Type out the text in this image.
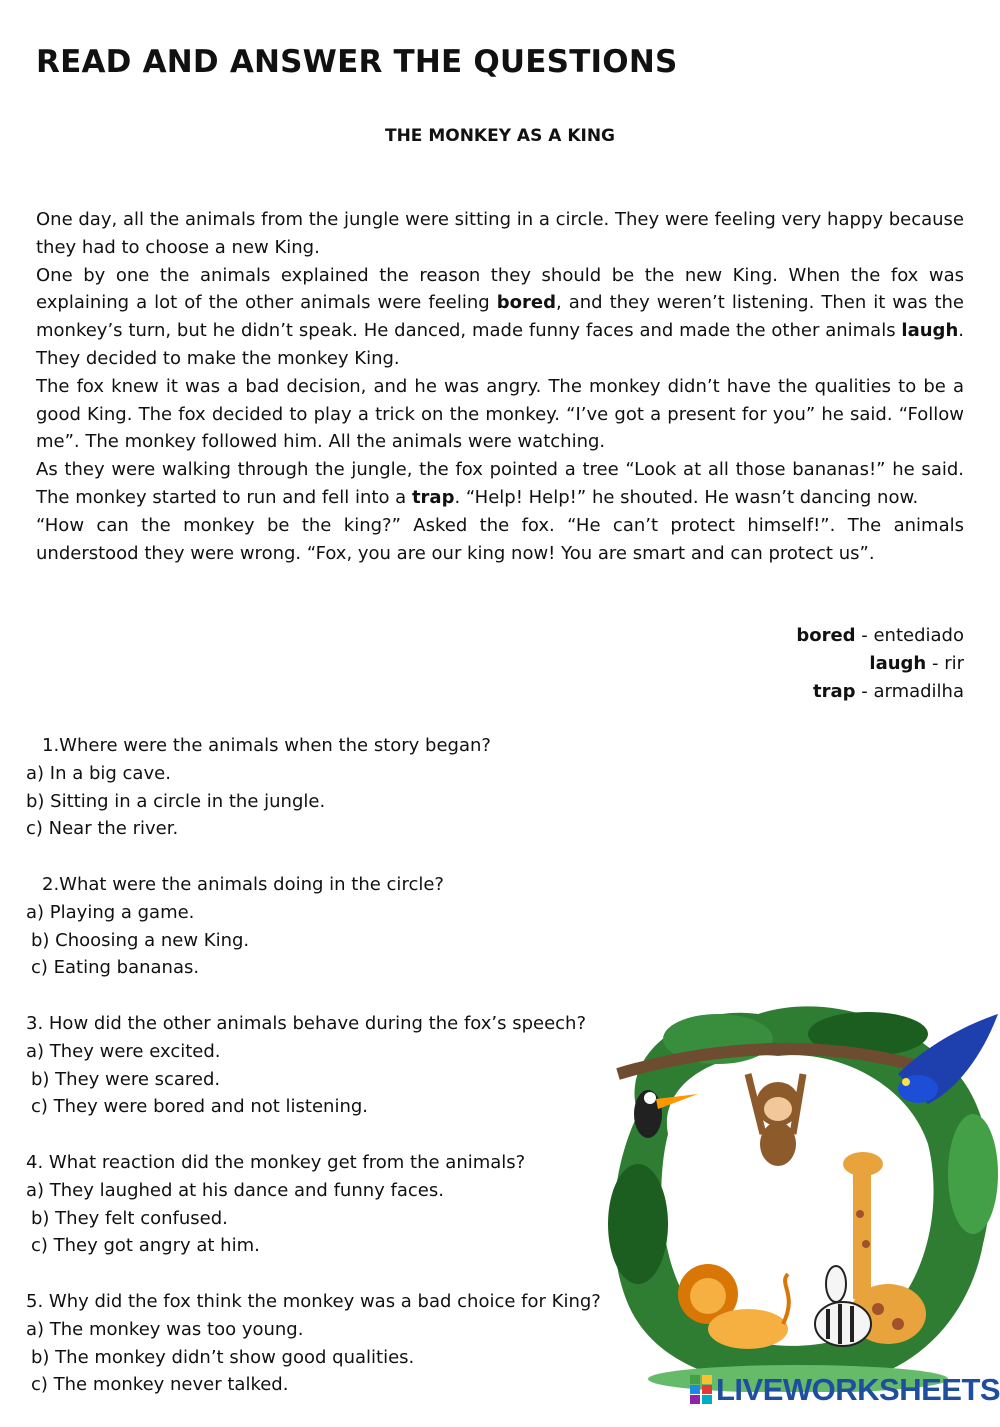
READ AND ANSWER THE QUESTIONS
THE MONKEY AS A KING

One day, all the animals from the jungle were sitting in a circle. They were feeling very happy because they had to choose a new King.

One by one the animals explained the reason they should be the new King. When the fox was explaining a lot of the other animals were feeling bored, and they weren’t listening. Then it was the monkey’s turn, but he didn’t speak. He danced, made funny faces and made the other animals laugh. They decided to make the monkey King.

The fox knew it was a bad decision, and he was angry. The monkey didn’t have the qualities to be a good King. The fox decided to play a trick on the monkey. “I’ve got a present for you” he said. “Follow me”. The monkey followed him. All the animals were watching.

As they were walking through the jungle, the fox pointed a tree “Look at all those bananas!” he said. The monkey started to run and fell into a trap. “Help! Help!” he shouted. He wasn’t dancing now.

“How can the monkey be the king?” Asked the fox. “He can’t protect himself!”. The animals understood they were wrong. “Fox, you are our king now! You are smart and can protect us”.

bored - entediado
laugh - rir
trap - armadilha
1.Where were the animals when the story began?
a) In a big cave.
b) Sitting in a circle in the jungle.
c) Near the river.
2.What were the animals doing in the circle?
a) Playing a game.
b) Choosing a new King.
c) Eating bananas.
3. How did the other animals behave during the fox’s speech?
a) They were excited.
b) They were scared.
c) They were bored and not listening.
4. What reaction did the monkey get from the animals?
a) They laughed at his dance and funny faces.
b) They felt confused.
c) They got angry at him.
5. Why did the fox think the monkey was a bad choice for King?
a) The monkey was too young.
b) The monkey didn’t show good qualities.
c) The monkey never talked.	LIVEWORKSHEETS
